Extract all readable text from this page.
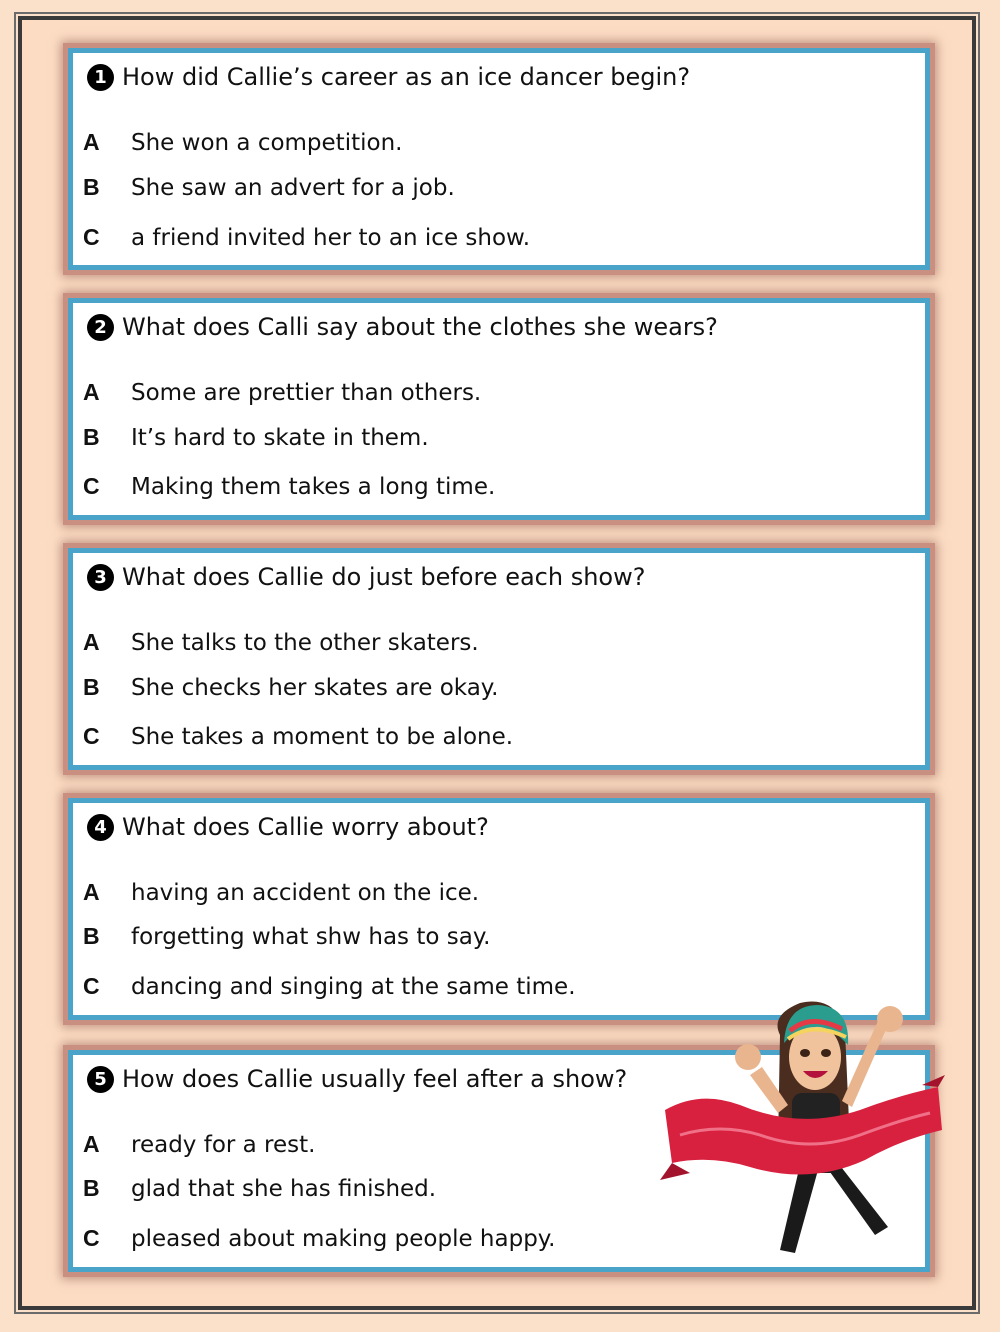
1 How did Callie’s career as an ice dancer begin?
A She won a competition.
B She saw an advert for a job.
C a friend invited her to an ice show.
2 What does Calli say about the clothes she wears?
A Some are prettier than others.
B It’s hard to skate in them.
C Making them takes a long time.
3 What does Callie do just before each show?
A She talks to the other skaters.
B She checks her skates are okay.
C She takes a moment to be alone.
4 What does Callie worry about?
A having an accident on the ice.
B forgetting what shw has to say.
C dancing and singing at the same time.
5 How does Callie usually feel after a show?
A ready for a rest.
B glad that she has finished.
C pleased about making people happy.
